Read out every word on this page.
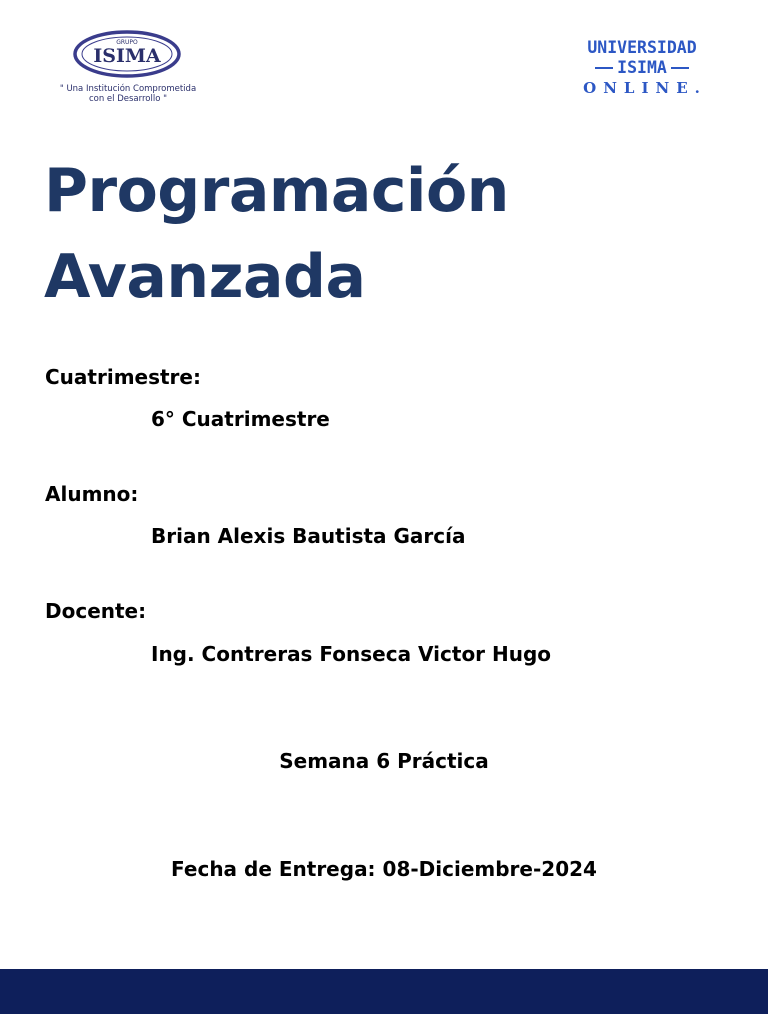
GRUPO
ISIMA
" Una Institución Comprometida
con el Desarrollo "
UNIVERSIDAD
ISIMA
ONLINE.
Programación
Avanzada

Cuatrimestre:

6° Cuatrimestre

Alumno:

Brian Alexis Bautista García

Docente:

Ing. Contreras Fonseca Victor Hugo

Semana 6 Práctica

Fecha de Entrega: 08-Diciembre-2024
